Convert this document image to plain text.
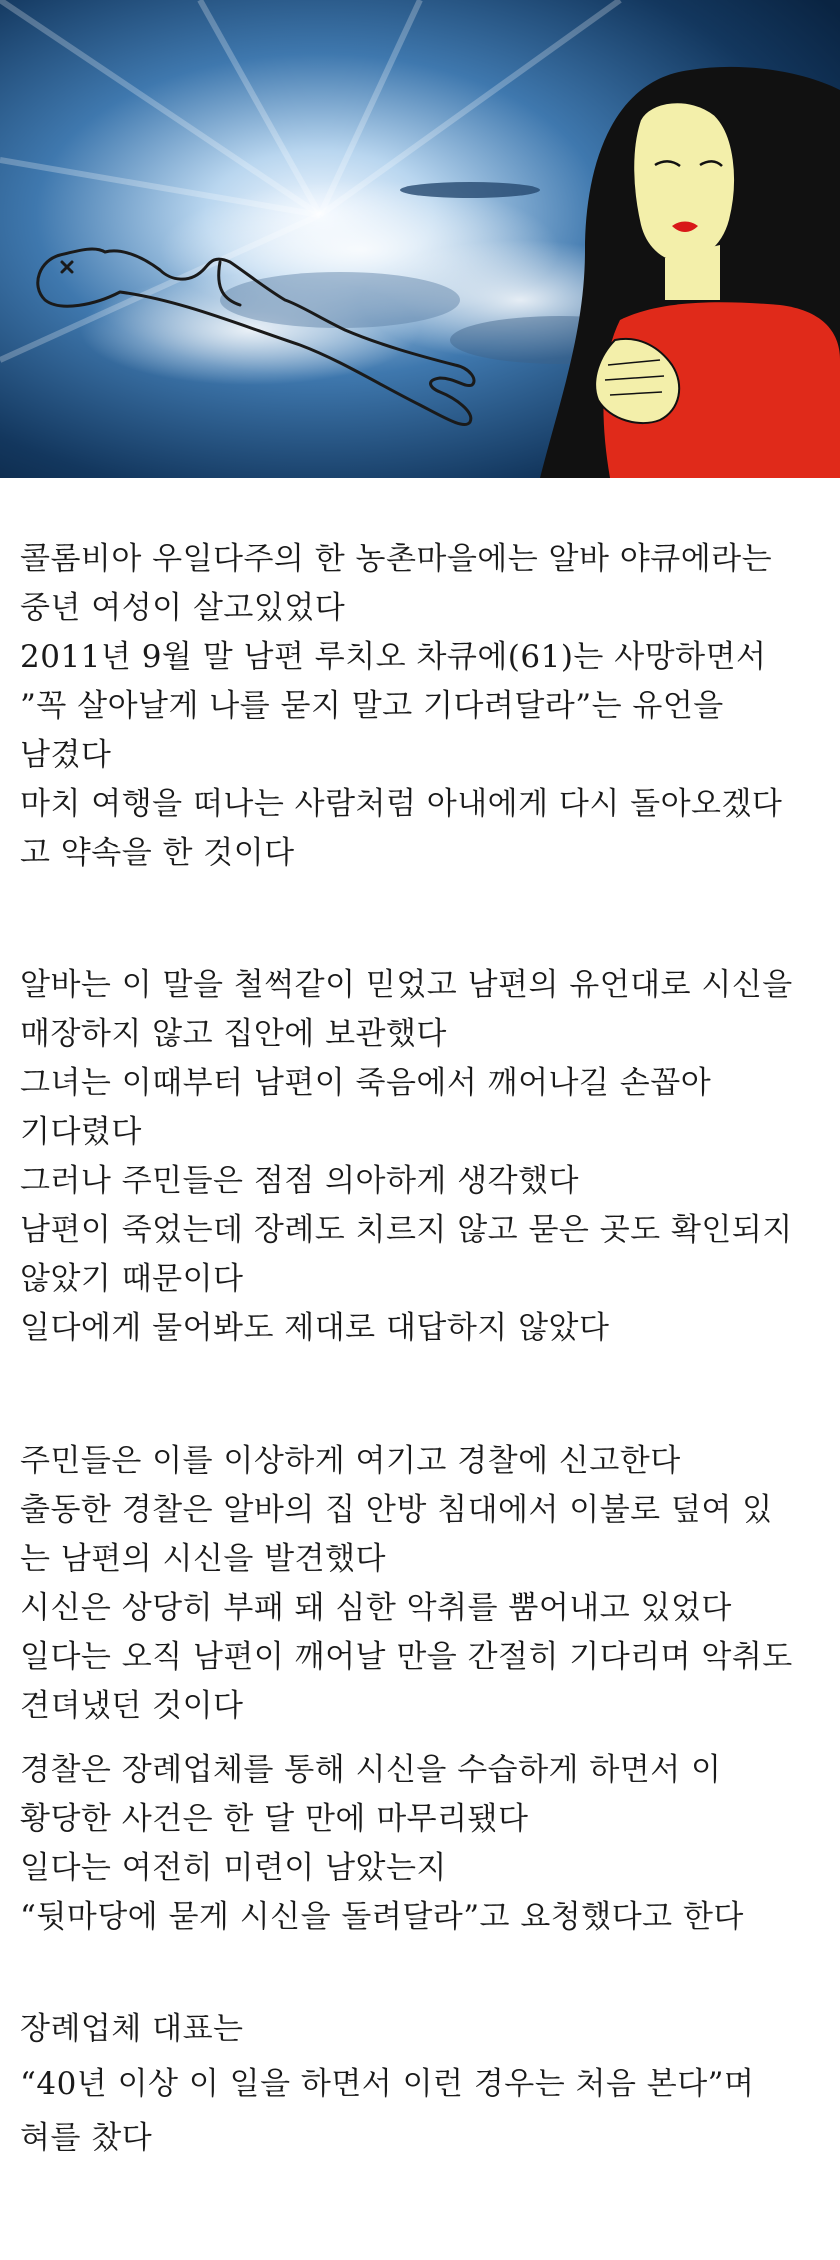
콜롬비아 우일다주의 한 농촌마을에는 알바 야큐에라는
중년 여성이 살고있었다
2011년 9월 말 남편 루치오 차큐에(61)는 사망하면서
”꼭 살아날게 나를 묻지 말고 기다려달라”는 유언을
남겼다
마치 여행을 떠나는 사람처럼 아내에게 다시 돌아오겠다
고 약속을 한 것이다
알바는 이 말을 철썩같이 믿었고 남편의 유언대로 시신을
매장하지 않고 집안에 보관했다
그녀는 이때부터 남편이 죽음에서 깨어나길 손꼽아
기다렸다
그러나 주민들은 점점 의아하게 생각했다
남편이 죽었는데 장례도 치르지 않고 묻은 곳도 확인되지
않았기 때문이다
일다에게 물어봐도 제대로 대답하지 않았다
주민들은 이를 이상하게 여기고 경찰에 신고한다
출동한 경찰은 알바의 집 안방 침대에서 이불로 덮여 있
는 남편의 시신을 발견했다
시신은 상당히 부패 돼 심한 악취를 뿜어내고 있었다
일다는 오직 남편이 깨어날 만을 간절히 기다리며 악취도
견뎌냈던 것이다
경찰은 장례업체를 통해 시신을 수습하게 하면서 이
황당한 사건은 한 달 만에 마무리됐다
일다는 여전히 미련이 남았는지
“뒷마당에 묻게 시신을 돌려달라”고 요청했다고 한다
장례업체 대표는
“40년 이상 이 일을 하면서 이런 경우는 처음 본다”며
혀를 찼다
